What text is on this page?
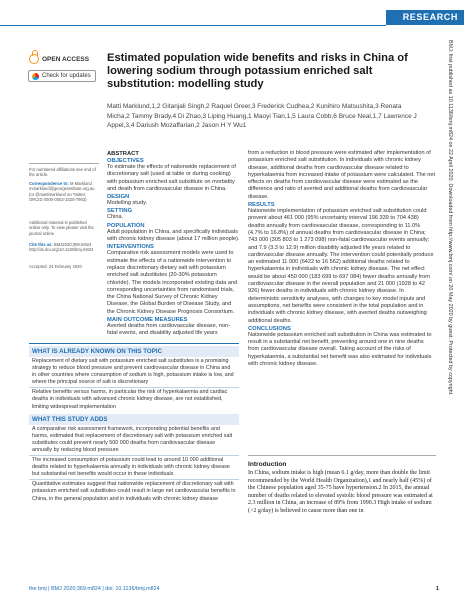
RESEARCH
OPEN ACCESS
Check for updates
Estimated population wide benefits and risks in China of lowering sodium through potassium enriched salt substitution: modelling study
Matti Marklund,1,2 Gitanjali Singh,2 Raquel Greer,3 Frederick Cudhea,2 Kunihiro Matsushita,3 Renata Micha,2 Tammy Brady,4 Di Zhao,3 Liping Huang,1 Maoyi Tian,1,5 Laura Cobb,6 Bruce Neal,1,7 Lawrence J Appel,3,4 Dariush Mozaffarian,2 Jason H Y Wu1
For numbered affiliations see end of the article.
Correspondence to: M Marklund mmarklund@georgeinstitute.org.au (or @mattimarklund on Twitter; ORCID 0000-0002-3320-7963)
Additional material is published online only. To view please visit the journal online.
Cite this as: BMJ2020;369:m824 http://dx.doi.org/10.1136/bmj.m824
Accepted: 24 February 2020
ABSTRACT
OBJECTIVES

To estimate the effects of nationwide replacement of discretionary salt (used at table or during cooking) with potassium enriched salt substitute on morbidity and death from cardiovascular disease in China.

DESIGN

Modelling study.

SETTING

China.

POPULATION

Adult population in China, and specifically individuals with chronic kidney disease (about 17 million people).

INTERVENTIONS

Comparative risk assessment models were used to estimate the effects of a nationwide intervention to replace discretionary dietary salt with potassium enriched salt substitutes (20-30% potassium chloride). The models incorporated existing data and corresponding uncertainties from randomised trials, the China National Survey of Chronic Kidney Disease, the Global Burden of Disease Study, and the Chronic Kidney Disease Prognosis Consortium.

MAIN OUTCOME MEASURES

Averted deaths from cardiovascular disease, non-fatal events, and disability adjusted life years

from a reduction in blood pressure were estimated after implementation of potassium enriched salt substitution. In individuals with chronic kidney disease, additional deaths from cardiovascular disease related to hyperkalaemia from increased intake of potassium were calculated. The net effects on deaths from cardiovascular disease were estimated as the difference and ratio of averted and additional deaths from cardiovascular disease.

RESULTS

Nationwide implementation of potassium enriched salt substitution could prevent about 461 000 (95% uncertainty interval 196 339 to 704 438) deaths annually from cardiovascular disease, corresponding to 11.0% (4.7% to 16.8%) of annual deaths from cardiovascular disease in China; 743 000 (305 803 to 1 273 098) non-fatal cardiovascular events annually; and 7.9 (3.3 to 12.9) million disability adjusted life years related to cardiovascular disease annually. The intervention could potentially produce an estimated 11 000 (6422 to 16 562) additional deaths related to hyperkalaemia in individuals with chronic kidney disease. The net effect would be about 450 000 (183 699 to 697 084) fewer deaths annually from cardiovascular disease in the overall population and 21 000 (1928 to 42 926) fewer deaths in individuals with chronic kidney disease. In deterministic sensitivity analyses, with changes to key model inputs and assumptions, net benefits were consistent in the total population and in individuals with chronic kidney disease, with averted deaths outweighing additional deaths.

CONCLUSIONS

Nationwide potassium enriched salt substitution in China was estimated to result in a substantial net benefit, preventing around one in nine deaths from cardiovascular disease overall. Taking account of the risks of hyperkalaemia, a substantial net benefit was also estimated for individuals with chronic kidney disease.

WHAT IS ALREADY KNOWN ON THIS TOPIC

Replacement of dietary salt with potassium enriched salt substitutes is a promising strategy to reduce blood pressure and prevent cardiovascular disease in China and in other countries where consumption of sodium is high, potassium intake is low, and where the principal source of salt is discretionary

Relative benefits versus harms, in particular the risk of hyperkalaemia and cardiac deaths in individuals with advanced chronic kidney disease, are not established, limiting widespread implementation

WHAT THIS STUDY ADDS

A comparative risk assessment framework, incorporating potential benefits and harms, estimated that replacement of discretionary salt with potassium enriched salt substitutes could prevent nearly 500 000 deaths from cardiovascular disease annually by reducing blood pressure

The increased consumption of potassium could lead to around 10 000 additional deaths related to hyperkalaemia annually in individuals with chronic kidney disease but substantial net benefits would occur in these individuals

Quantitative estimates suggest that nationwide replacement of discretionary salt with potassium enriched salt substitutes could result in large net cardiovascular benefits in China, in the general population and in individuals with chronic kidney disease

Introduction

In China, sodium intake is high (mean 6.1 g/day, more than double the limit recommended by the World Health Organization),1 and nearly half (45%) of the Chinese population aged 35-75 have hypertension.2 In 2015, the annual number of deaths related to elevated systolic blood pressure was estimated at 2.3 million in China, an increase of 89% from 1990.3 High intake of sodium (>2 g/day) is believed to cause more than one in

BMJ: first published as 10.1136/bmj.m824 on 22 April 2020. Downloaded from http://www.bmj.com/ on 20 May 2020 by guest. Protected by copyright.
the bmj | BMJ 2020;369:m824 | doi: 10.1136/bmj.m824	1
